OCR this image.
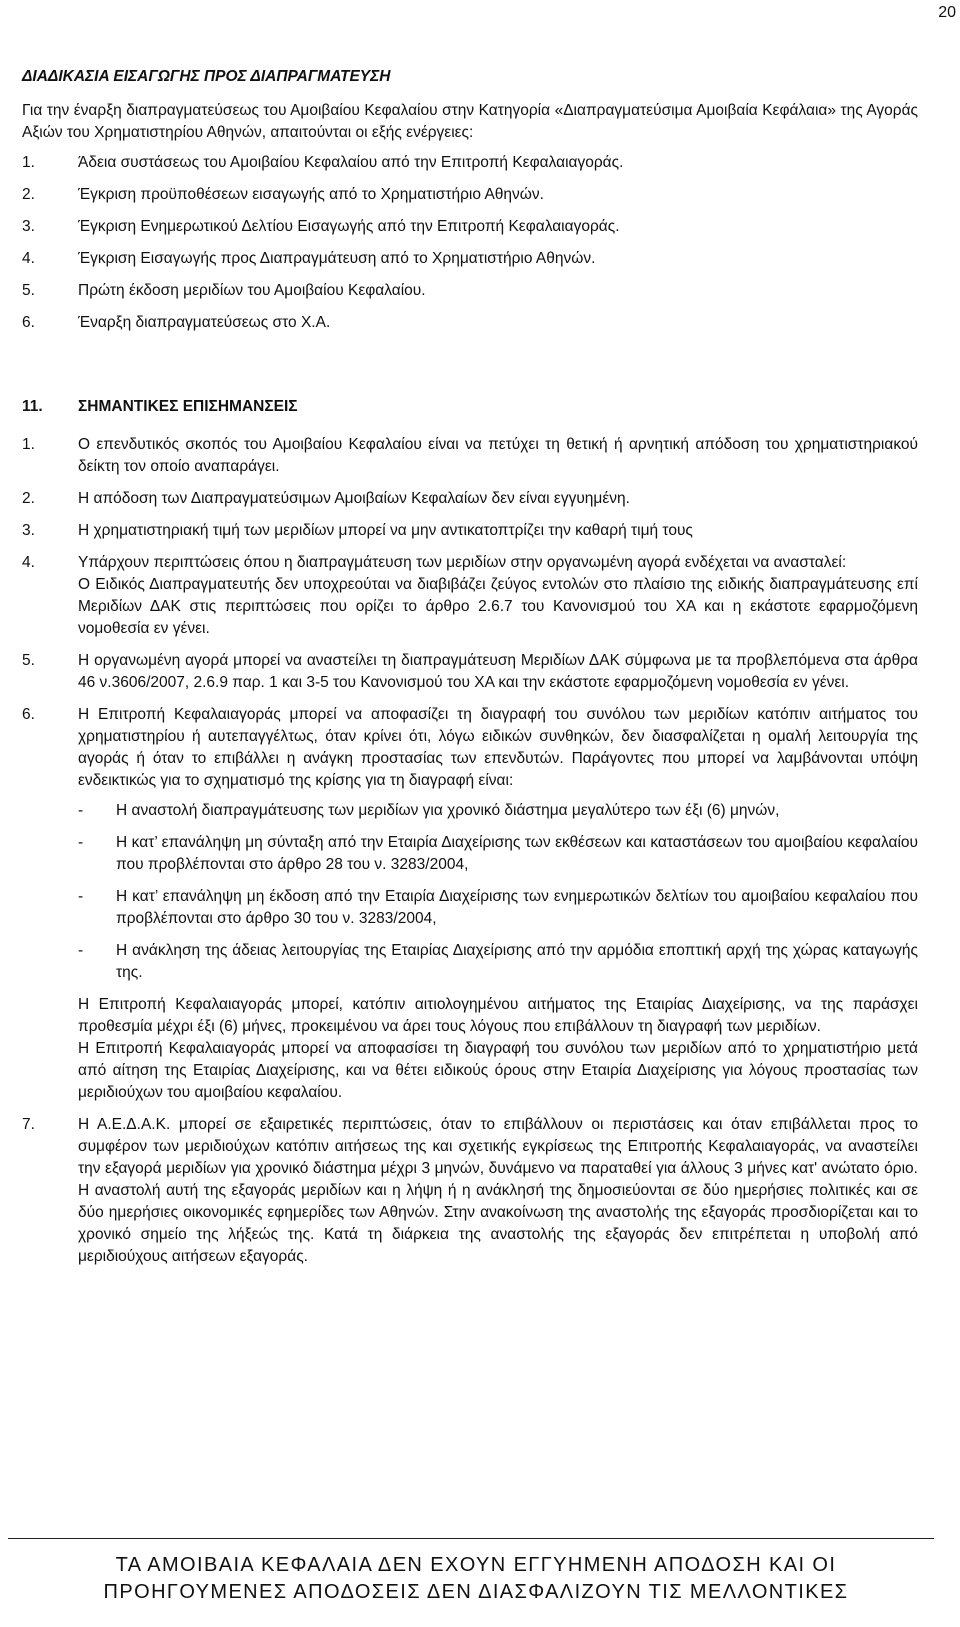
20
ΔΙΑΔΙΚΑΣΙΑ ΕΙΣΑΓΩΓΗΣ ΠΡΟΣ ΔΙΑΠΡΑΓΜΑΤΕΥΣΗ

Για την έναρξη διαπραγματεύσεως του Αμοιβαίου Κεφαλαίου στην Κατηγορία «Διαπραγματεύσιμα Αμοιβαία Κεφάλαια» της Αγοράς Αξιών του Χρηματιστηρίου Αθηνών, απαιτούνται οι εξής ενέργειες:

1.	Άδεια συστάσεως του Αμοιβαίου Κεφαλαίου από την Επιτροπή Κεφαλαιαγοράς.
2.	Έγκριση προϋποθέσεων εισαγωγής από το Χρηματιστήριο Αθηνών.
3.	Έγκριση Ενημερωτικού Δελτίου Εισαγωγής από την Επιτροπή Κεφαλαιαγοράς.
4.	Έγκριση Εισαγωγής προς Διαπραγμάτευση από το Χρηματιστήριο Αθηνών.
5.	Πρώτη έκδοση μεριδίων του Αμοιβαίου Κεφαλαίου.
6.	Έναρξη διαπραγματεύσεως στο Χ.Α.
11.	ΣΗΜΑΝΤΙΚΕΣ ΕΠΙΣΗΜΑΝΣΕΙΣ
1.	Ο επενδυτικός σκοπός του Αμοιβαίου Κεφαλαίου είναι να πετύχει τη θετική ή αρνητική απόδοση του χρηματιστηριακού δείκτη τον οποίο αναπαράγει.

2.	Η απόδοση των Διαπραγματεύσιμων Αμοιβαίων Κεφαλαίων δεν είναι εγγυημένη.

3.	Η χρηματιστηριακή τιμή των μεριδίων μπορεί να μην αντικατοπτρίζει την καθαρή τιμή τους

4.	Υπάρχουν περιπτώσεις όπου η διαπραγμάτευση των μεριδίων στην οργανωμένη αγορά ενδέχεται να ανασταλεί:

Ο Ειδικός Διαπραγματευτής δεν υποχρεούται να διαβιβάζει ζεύγος εντολών στο πλαίσιο της ειδικής διαπραγμάτευσης επί Μεριδίων ΔΑΚ στις περιπτώσεις που ορίζει το άρθρο 2.6.7 του Κανονισμού του ΧΑ και η εκάστοτε εφαρμοζόμενη νομοθεσία εν γένει.

5.	Η οργανωμένη αγορά μπορεί να αναστείλει τη διαπραγμάτευση Μεριδίων ΔΑΚ σύμφωνα με τα προβλεπόμενα στα άρθρα 46 ν.3606/2007, 2.6.9 παρ. 1 και 3-5 του Κανονισμού του ΧΑ και την εκάστοτε εφαρμοζόμενη νομοθεσία εν γένει.

6.	Η Επιτροπή Κεφαλαιαγοράς μπορεί να αποφασίζει τη διαγραφή του συνόλου των μεριδίων κατόπιν αιτήματος του χρηματιστηρίου ή αυτεπαγγέλτως, όταν κρίνει ότι, λόγω ειδικών συνθηκών, δεν διασφαλίζεται η ομαλή λειτουργία της αγοράς ή όταν το επιβάλλει η ανάγκη προστασίας των επενδυτών. Παράγοντες που μπορεί να λαμβάνονται υπόψη ενδεικτικώς για το σχηματισμό της κρίσης για τη διαγραφή είναι:

-	Η αναστολή διαπραγμάτευσης των μεριδίων για χρονικό διάστημα μεγαλύτερο των έξι (6) μηνών,
-	Η κατ’ επανάληψη μη σύνταξη από την Εταιρία Διαχείρισης των εκθέσεων και καταστάσεων του αμοιβαίου κεφαλαίου που προβλέπονται στο άρθρο 28 του ν. 3283/2004,
-	Η κατ’ επανάληψη μη έκδοση από την Εταιρία Διαχείρισης των ενημερωτικών δελτίων του αμοιβαίου κεφαλαίου που προβλέπονται στο άρθρο 30 του ν. 3283/2004,
-	Η ανάκληση της άδειας λειτουργίας της Εταιρίας Διαχείρισης από την αρμόδια εποπτική αρχή της χώρας καταγωγής της.

Η Επιτροπή Κεφαλαιαγοράς μπορεί, κατόπιν αιτιολογημένου αιτήματος της Εταιρίας Διαχείρισης, να της παράσχει προθεσμία μέχρι έξι (6) μήνες, προκειμένου να άρει τους λόγους που επιβάλλουν τη διαγραφή των μεριδίων.

Η Επιτροπή Κεφαλαιαγοράς μπορεί να αποφασίσει τη διαγραφή του συνόλου των μεριδίων από το χρηματιστήριο μετά από αίτηση της Εταιρίας Διαχείρισης, και να θέτει ειδικούς όρους στην Εταιρία Διαχείρισης για λόγους προστασίας των μεριδιούχων του αμοιβαίου κεφαλαίου.

7.	Η Α.Ε.Δ.Α.Κ. μπορεί σε εξαιρετικές περιπτώσεις, όταν το επιβάλλουν οι περιστάσεις και όταν επιβάλλεται προς το συμφέρον των μεριδιούχων κατόπιν αιτήσεως της και σχετικής εγκρίσεως της Επιτροπής Κεφαλαιαγοράς, να αναστείλει την εξαγορά μεριδίων για χρονικό διάστημα μέχρι 3 μηνών, δυνάμενο να παραταθεί για άλλους 3 μήνες κατ' ανώτατο όριο. Η αναστολή αυτή της εξαγοράς μεριδίων και η λήψη ή η ανάκλησή της δημοσιεύονται σε δύο ημερήσιες πολιτικές και σε δύο ημερήσιες οικονομικές εφημερίδες των Αθηνών. Στην ανακοίνωση της αναστολής της εξαγοράς προσδιορίζεται και το χρονικό σημείο της λήξεώς της. Κατά τη διάρκεια της αναστολής της εξαγοράς δεν επιτρέπεται η υποβολή από μεριδιούχους αιτήσεων εξαγοράς.

ΤΑ ΑΜΟΙΒΑΙΑ ΚΕΦΑΛΑΙΑ ΔΕΝ ΕΧΟΥΝ ΕΓΓΥΗΜΕΝΗ ΑΠΟΔΟΣΗ ΚΑΙ ΟΙ
ΠΡΟΗΓΟΥΜΕΝΕΣ ΑΠΟΔΟΣΕΙΣ ΔΕΝ ΔΙΑΣΦΑΛΙΖΟΥΝ ΤΙΣ ΜΕΛΛΟΝΤΙΚΕΣ
